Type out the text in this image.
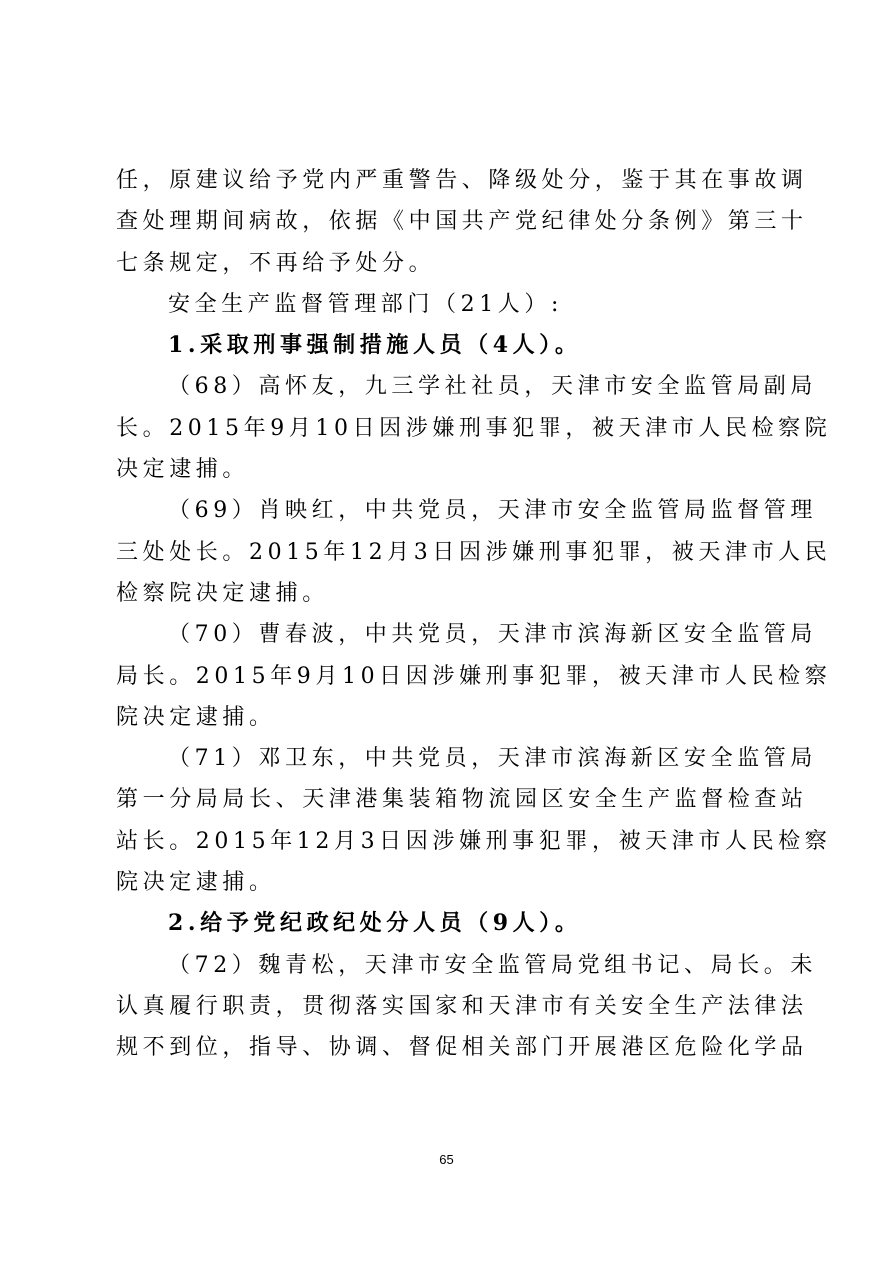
任，原建议给予党内严重警告、降级处分，鉴于其在事故调
查处理期间病故，依据《中国共产党纪律处分条例》第三十
七条规定，不再给予处分。
安全生产监督管理部门（21人）:
1.采取刑事强制措施人员（4人）。
（68）高怀友，九三学社社员，天津市安全监管局副局
长。2015年9月10日因涉嫌刑事犯罪，被天津市人民检察院
决定逮捕。
（69）肖映红，中共党员，天津市安全监管局监督管理
三处处长。2015年12月3日因涉嫌刑事犯罪，被天津市人民
检察院决定逮捕。
（70）曹春波，中共党员，天津市滨海新区安全监管局
局长。2015年9月10日因涉嫌刑事犯罪，被天津市人民检察
院决定逮捕。
（71）邓卫东，中共党员，天津市滨海新区安全监管局
第一分局局长、天津港集装箱物流园区安全生产监督检查站
站长。2015年12月3日因涉嫌刑事犯罪，被天津市人民检察
院决定逮捕。
2.给予党纪政纪处分人员（9人）。
（72）魏青松，天津市安全监管局党组书记、局长。未
认真履行职责，贯彻落实国家和天津市有关安全生产法律法
规不到位，指导、协调、督促相关部门开展港区危险化学品
65
